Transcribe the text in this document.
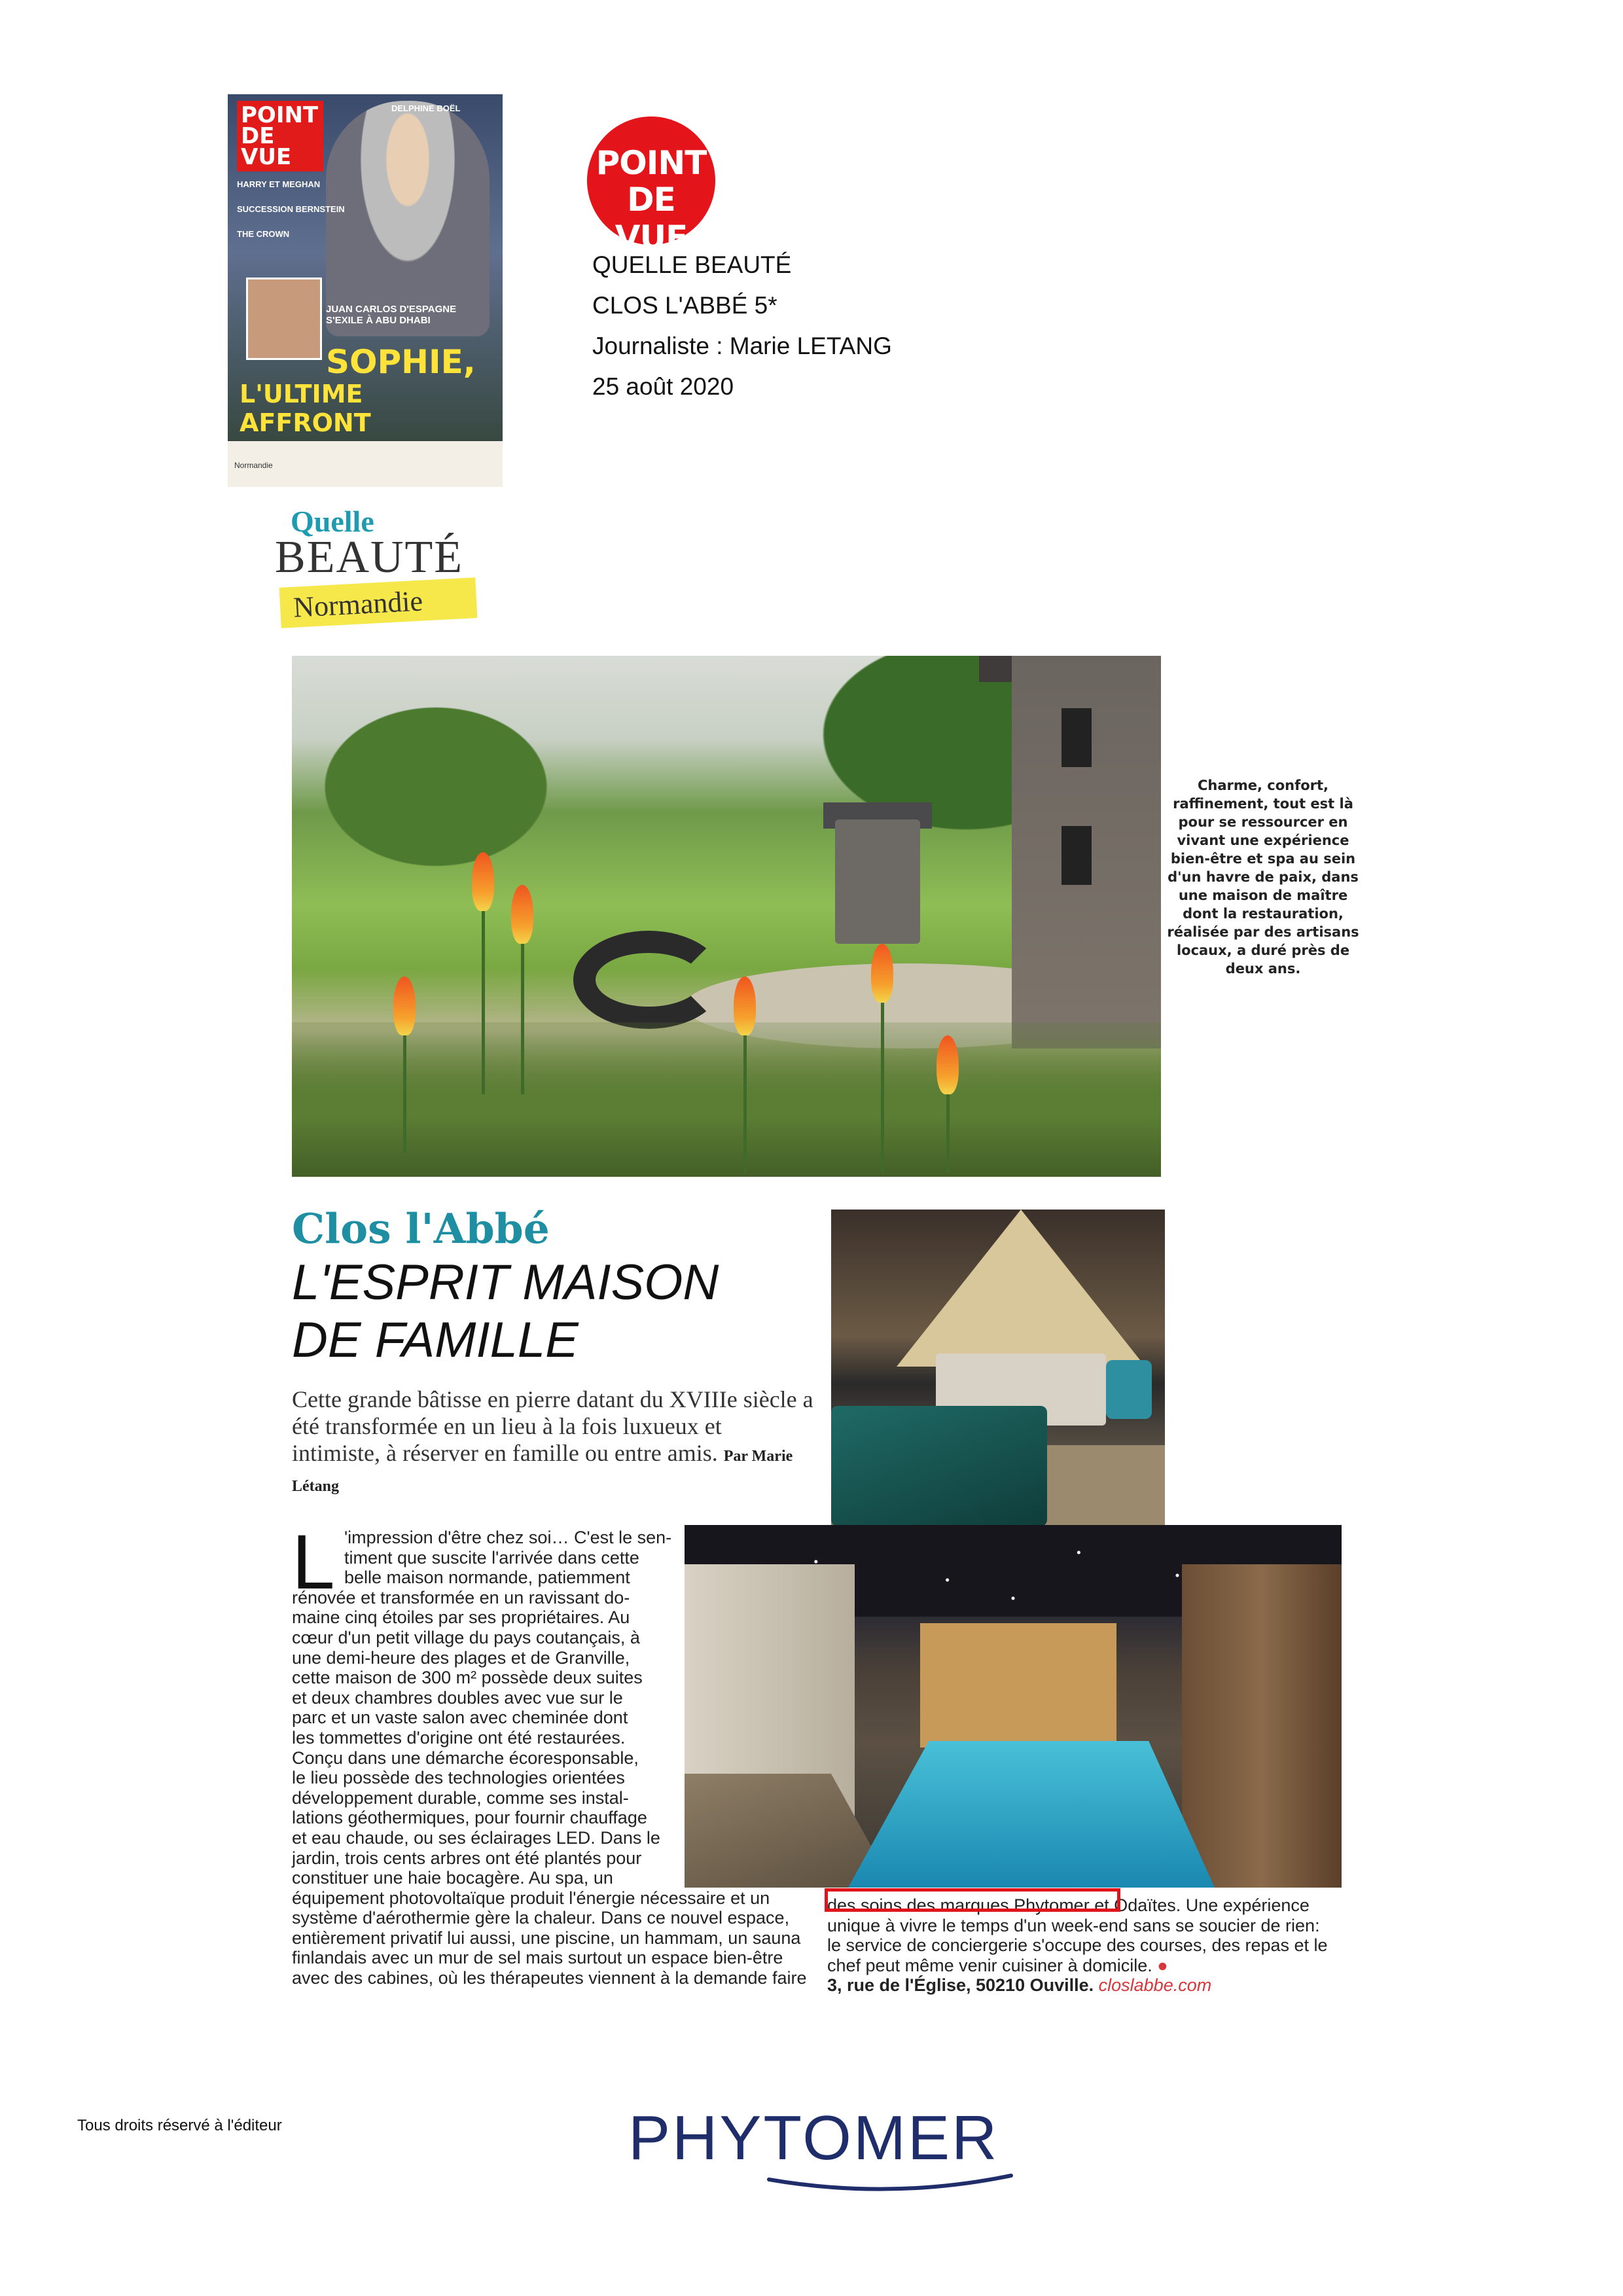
POINT
DE VUE
DELPHINE BOËL
HARRY ET MEGHAN
SUCCESSION BERNSTEIN
THE CROWN
JUAN CARLOS D'ESPAGNE S'EXILE À ABU DHABI
SOPHIE,
L'ULTIME AFFRONT
Normandie
POINT
DE VUE
QUELLE BEAUTÉ
CLOS L'ABBÉ 5*
Journaliste : Marie LETANG
25 août 2020
Quelle
BEAUTÉ
Normandie
Charme, confort, raffinement, tout est là pour se ressourcer en vivant une expérience bien-être et spa au sein d'un havre de paix, dans une maison de maître dont la restauration, réalisée par des artisans locaux, a duré près de deux ans.
Clos l'Abbé
L'ESPRIT MAISON
DE FAMILLE
Cette grande bâtisse en pierre datant du XVIIIe siècle a été transformée en un lieu à la fois luxueux et intimiste, à réserver en famille ou entre amis. Par Marie Létang
L 'impression d'être chez soi… C'est le sen-
timent que suscite l'arrivée dans cette
belle maison normande, patiemment
rénovée et transformée en un ravissant do-
maine cinq étoiles par ses propriétaires. Au
cœur d'un petit village du pays coutançais, à
une demi-heure des plages et de Granville,
cette maison de 300 m² possède deux suites
et deux chambres doubles avec vue sur le
parc et un vaste salon avec cheminée dont
les tommettes d'origine ont été restaurées.
Conçu dans une démarche écoresponsable,
le lieu possède des technologies orientées
développement durable, comme ses instal-
lations géothermiques, pour fournir chauffage
et eau chaude, ou ses éclairages LED. Dans le
jardin, trois cents arbres ont été plantés pour
constituer une haie bocagère. Au spa, un
équipement photovoltaïque produit l'énergie nécessaire et un
système d'aérothermie gère la chaleur. Dans ce nouvel espace,
entièrement privatif lui aussi, une piscine, un hammam, un sauna
finlandais avec un mur de sel mais surtout un espace bien-être
avec des cabines, où les thérapeutes viennent à la demande faire
des soins des marques Phytomer et Odaïtes. Une expérience
unique à vivre le temps d'un week-end sans se soucier de rien:
le service de conciergerie s'occupe des courses, des repas et le
chef peut même venir cuisiner à domicile. ●
3, rue de l'Église, 50210 Ouville. closlabbe.com
Tous droits réservé à l'éditeur	PHYTOMER
